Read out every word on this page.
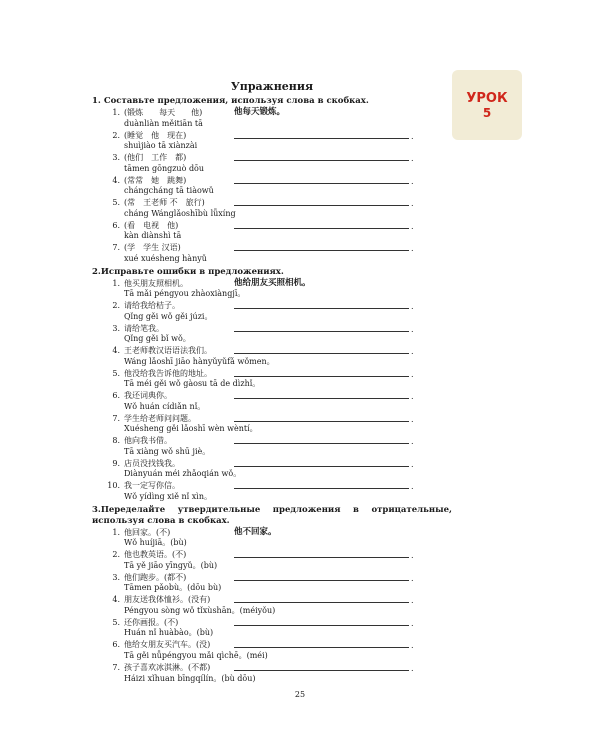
УРОК
5
Упражнения
1. Составьте предложения, используя слова в скобках.
1. (锻炼　　每天　　他)
duànliàn měitiān tā
他每天锻炼。
2. (睡觉　他　现在)
shuìjiào tā xiànzài
.
3. (他们　工作　都)
tāmen gōngzuò dōu
.
4. (常常　她　跳舞)
chángcháng tā tiàowǔ
.
5. (常　王老师 不　旅行)
cháng Wánglǎoshībù lǚxíng
.
6. (看　电视　他)
kàn diànshì tā
.
7. (学　学生 汉语)
xué xuésheng hànyǔ
.
2.Исправьте ошибки в предложениях.
1. 他买朋友照相机。
Tā mǎi péngyou zhàoxiàngjī。
他给朋友买照相机。
2. 请给我给桔子。
Qǐng gěi wǒ gěi júzi。
.
3. 请给笔我。
Qǐng gěi bǐ wǒ。
.
4. 王老师教汉语语法我们。
Wáng lǎoshī jiāo hànyǔyǔfǎ wǒmen。
.
5. 他没给我告诉他的地址。
Tā méi gěi wǒ gàosu tā de dìzhǐ。
.
6. 我还词典你。
Wǒ huán cídiǎn nǐ。
.
7. 学生给老师问问题。
Xuésheng gěi lǎoshī wèn wèntí。
.
8. 他向我书借。
Tā xiàng wǒ shū jiè。
.
9. 店员没找钱我。
Diànyuán méi zhǎoqián wǒ。
.
10. 我一定写你信。
Wǒ yídìng xiě nǐ xìn。
.
3.Переделайте утвердительные предложения в отрицательные, используя слова в скобках.
1. 他回家。(不)
Wǒ huíjiā。(bù)
他不回家。
2. 他也教英语。(不)
Tā yě jiāo yīngyǔ。(bù)
.
3. 他们跑步。(都不)
Tāmen pǎobù。(dōu bù)
.
4. 朋友送我体恤衫。(没有)
Péngyou sòng wǒ tǐxùshān。(méiyǒu)
.
5. 还你画报。(不)
Huán nǐ huàbào。(bù)
.
6. 他给女朋友买汽车。(没)
Tā gěi nǚpéngyou mǎi qìchē。(méi)
.
7. 孩子喜欢冰淇淋。(不都)
Háizi xǐhuan bīngqílín。(bù dōu)
.
25
